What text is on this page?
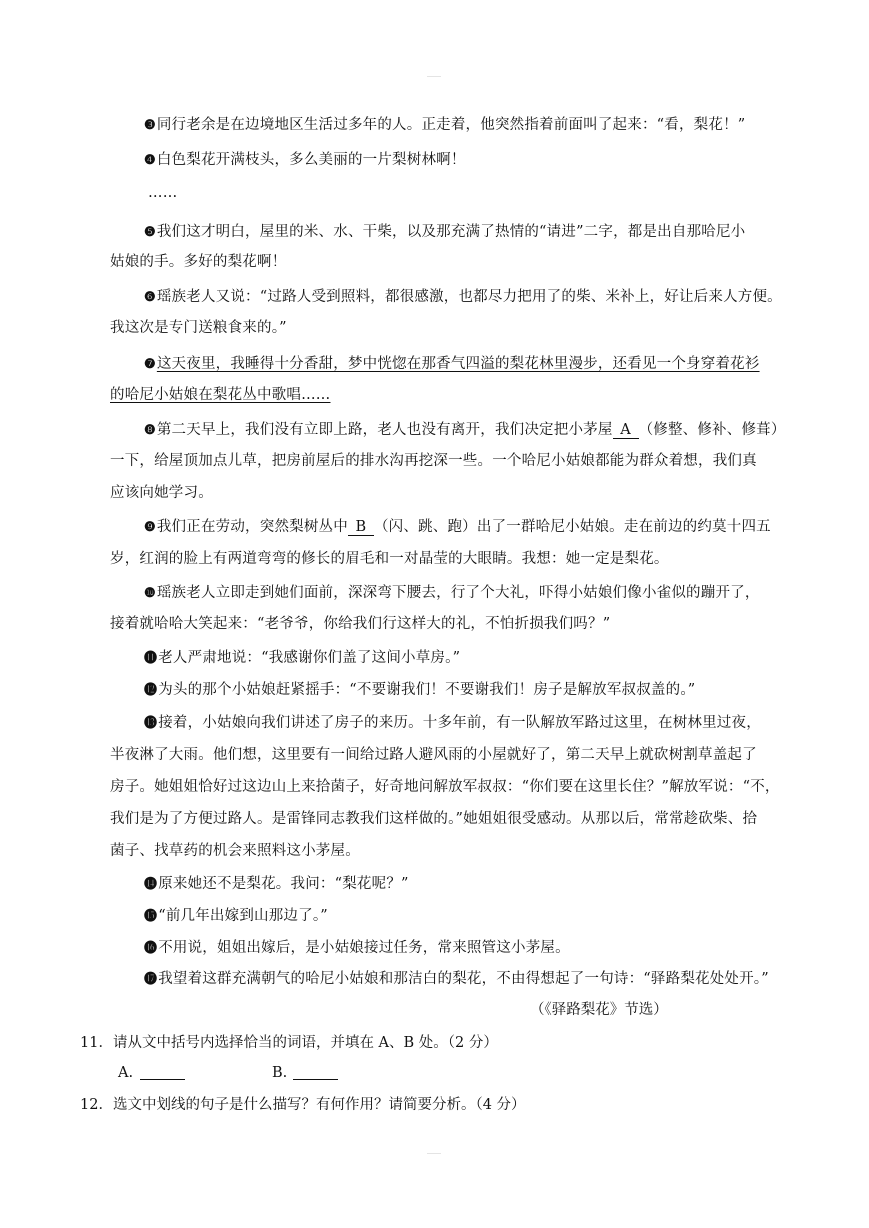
❸同行老余是在边境地区生活过多年的人。正走着，他突然指着前面叫了起来：“看，梨花！”
❹白色梨花开满枝头，多么美丽的一片梨树林啊！
……
❺我们这才明白，屋里的米、水、干柴，以及那充满了热情的“请进”二字，都是出自那哈尼小
姑娘的手。多好的梨花啊！
❻瑶族老人又说：“过路人受到照料，都很感激，也都尽力把用了的柴、米补上，好让后来人方便。
我这次是专门送粮食来的。”
❼这天夜里，我睡得十分香甜，梦中恍惚在那香气四溢的梨花林里漫步，还看见一个身穿着花衫
的哈尼小姑娘在梨花丛中歌唱……
❽第二天早上，我们没有立即上路，老人也没有离开，我们决定把小茅屋 A （修整、修补、修葺）
一下，给屋顶加点儿草，把房前屋后的排水沟再挖深一些。一个哈尼小姑娘都能为群众着想，我们真
应该向她学习。
❾我们正在劳动，突然梨树丛中 B （闪、跳、跑）出了一群哈尼小姑娘。走在前边的约莫十四五
岁，红润的脸上有两道弯弯的修长的眉毛和一对晶莹的大眼睛。我想：她一定是梨花。
❿瑶族老人立即走到她们面前，深深弯下腰去，行了个大礼，吓得小姑娘们像小雀似的蹦开了，
接着就哈哈大笑起来：“老爷爷，你给我们行这样大的礼，不怕折损我们吗？”
⓫老人严肃地说：“我感谢你们盖了这间小草房。”
⓬为头的那个小姑娘赶紧摇手：“不要谢我们！不要谢我们！房子是解放军叔叔盖的。”
⓭接着，小姑娘向我们讲述了房子的来历。十多年前，有一队解放军路过这里，在树林里过夜，
半夜淋了大雨。他们想，这里要有一间给过路人避风雨的小屋就好了，第二天早上就砍树割草盖起了
房子。她姐姐恰好过这边山上来拾菌子，好奇地问解放军叔叔：“你们要在这里长住？”解放军说：“不，
我们是为了方便过路人。是雷锋同志教我们这样做的。”她姐姐很受感动。从那以后，常常趁砍柴、拾
菌子、找草药的机会来照料这小茅屋。
⓮原来她还不是梨花。我问：“梨花呢？”
⓯“前几年出嫁到山那边了。”
⓰不用说，姐姐出嫁后，是小姑娘接过任务，常来照管这小茅屋。
⓱我望着这群充满朝气的哈尼小姑娘和那洁白的梨花，不由得想起了一句诗：“驿路梨花处处开。”
（《驿路梨花》节选）
11．请从文中括号内选择恰当的词语，并填在 A、B 处。（2 分）
A.	B.
12．选文中划线的句子是什么描写？有何作用？请简要分析。（4 分）
